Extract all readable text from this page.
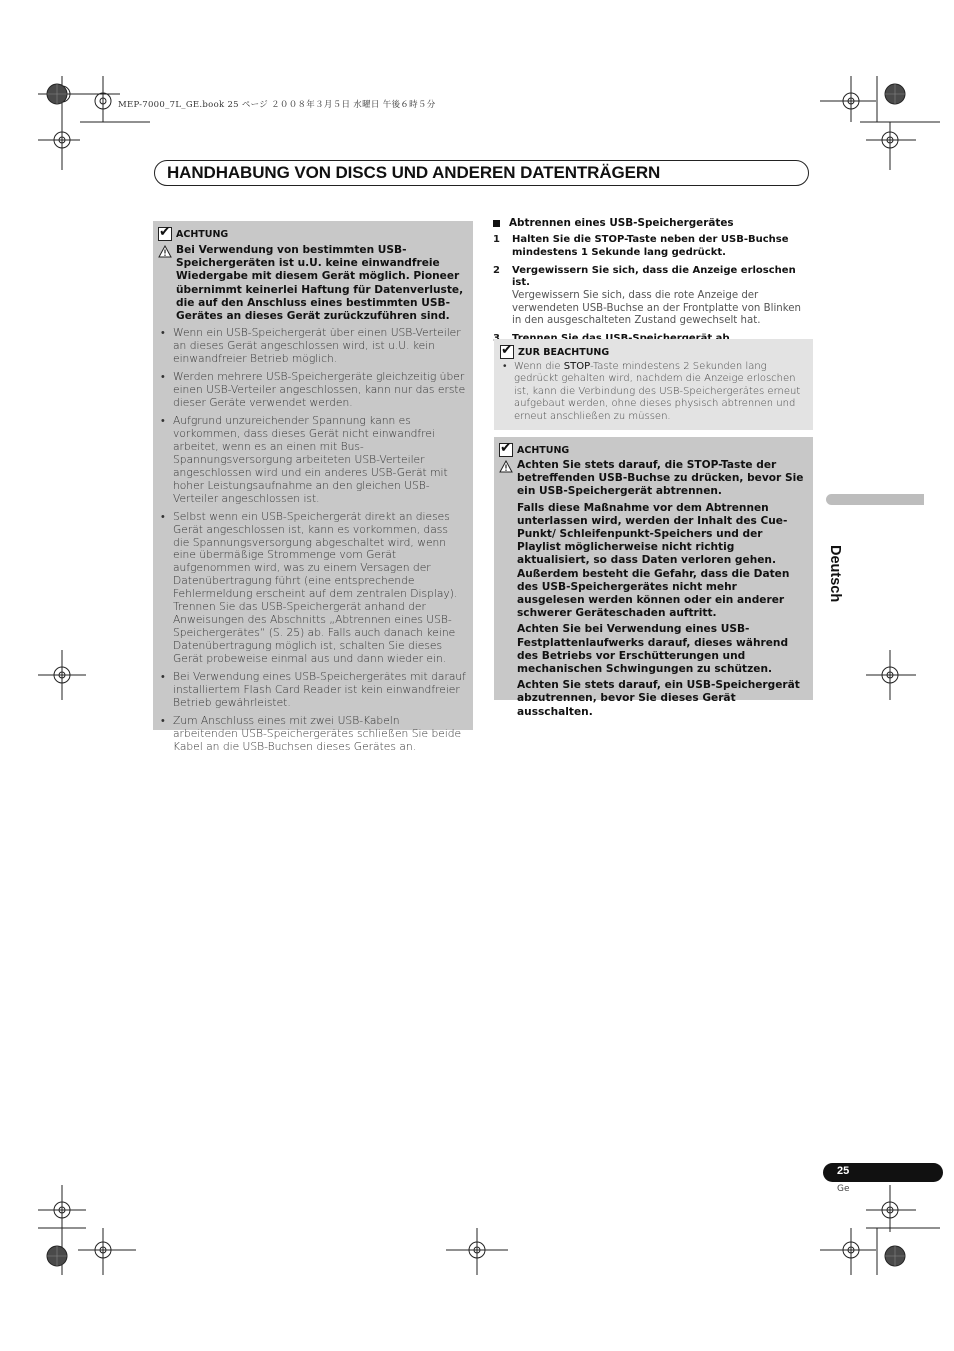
MEP-7000_7L_GE.book 25 ページ ２００８年３月５日 水曜日 午後６時５分
HANDHABUNG VON DISCS UND ANDEREN DATENTRÄGERN
✔
ACHTUNG
Bei Verwendung von bestimmten USB-Speichergeräten ist u.U. keine einwandfreie Wiedergabe mit diesem Gerät möglich. Pioneer übernimmt keinerlei Haftung für Datenverluste, die auf den Anschluss eines bestimmten USB-Gerätes an dieses Gerät zurückzuführen sind.
• Wenn ein USB-Speichergerät über einen USB-Verteiler an dieses Gerät angeschlossen wird, ist u.U. kein einwandfreier Betrieb möglich.
• Werden mehrere USB-Speichergeräte gleichzeitig über einen USB-Verteiler angeschlossen, kann nur das erste dieser Geräte verwendet werden.
• Aufgrund unzureichender Spannung kann es vorkommen, dass dieses Gerät nicht einwandfrei arbeitet, wenn es an einen mit Bus-Spannungsversorgung arbeiteten USB-Verteiler angeschlossen wird und ein anderes USB-Gerät mit hoher Leistungsaufnahme an den gleichen USB-Verteiler angeschlossen ist.
• Selbst wenn ein USB-Speichergerät direkt an dieses Gerät angeschlossen ist, kann es vorkommen, dass die Spannungsversorgung abgeschaltet wird, wenn eine übermäßige Strommenge vom Gerät aufgenommen wird, was zu einem Versagen der Datenübertragung führt (eine entsprechende Fehlermeldung erscheint auf dem zentralen Display). Trennen Sie das USB-Speichergerät anhand der Anweisungen des Abschnitts „Abtrennen eines USB-Speichergerätes“ (S. 25) ab. Falls auch danach keine Datenübertragung möglich ist, schalten Sie dieses Gerät probeweise einmal aus und dann wieder ein.
• Bei Verwendung eines USB-Speichergerätes mit darauf installiertem Flash Card Reader ist kein einwandfreier Betrieb gewährleistet.
• Zum Anschluss eines mit zwei USB-Kabeln arbeitenden USB-Speichergerätes schließen Sie beide Kabel an die USB-Buchsen dieses Gerätes an.
Abtrennen eines USB-Speichergerätes
1	Halten Sie die STOP-Taste neben der USB-Buchse mindestens 1 Sekunde lang gedrückt.
2	Vergewissern Sie sich, dass die Anzeige erloschen ist.
Vergewissern Sie sich, dass die rote Anzeige der verwendeten USB-Buchse an der Frontplatte von Blinken in den ausgeschalteten Zustand gewechselt hat.
✔
ZUR BEACHTUNG
• Wenn die STOP-Taste mindestens 2 Sekunden lang gedrückt gehalten wird, nachdem die Anzeige erloschen ist, kann die Verbindung des USB-Speichergerätes erneut aufgebaut werden, ohne dieses physisch abtrennen und erneut anschließen zu müssen.
✔
ACHTUNG
Achten Sie stets darauf, die STOP-Taste der betreffenden USB-Buchse zu drücken, bevor Sie ein USB-Speichergerät abtrennen.
Falls diese Maßnahme vor dem Abtrennen unterlassen wird, werden der Inhalt des Cue-Punkt/ Schleifenpunkt-Speichers und der Playlist möglicherweise nicht richtig aktualisiert, so dass Daten verloren gehen. Außerdem besteht die Gefahr, dass die Daten des USB-Speichergerätes nicht mehr ausgelesen werden können oder ein anderer schwerer Geräteschaden auftritt.
Achten Sie bei Verwendung eines USB-Festplattenlaufwerks darauf, dieses während des Betriebs vor Erschütterungen und mechanischen Schwingungen zu schützen.
Achten Sie stets darauf, ein USB-Speichergerät abzutrennen, bevor Sie dieses Gerät ausschalten.
Deutsch
25
Ge
